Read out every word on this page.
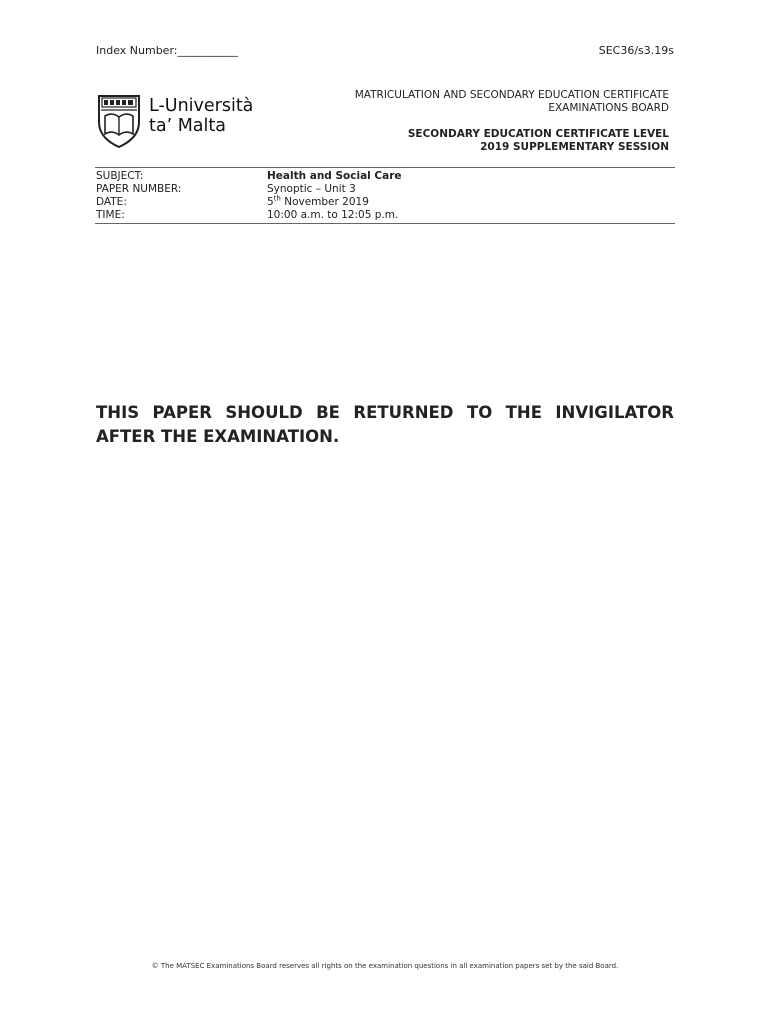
Index Number:___________	SEC36/s3.19s
L-Università
ta’ Malta
MATRICULATION AND SECONDARY EDUCATION CERTIFICATE
EXAMINATIONS BOARD
SECONDARY EDUCATION CERTIFICATE LEVEL
2019 SUPPLEMENTARY SESSION
SUBJECT:	Health and Social Care
PAPER NUMBER:	Synoptic – Unit 3
DATE:	5th November 2019
TIME:	10:00 a.m. to 12:05 p.m.
THIS PAPER SHOULD BE RETURNED TO THE INVIGILATOR
AFTER THE EXAMINATION.
© The MATSEC Examinations Board reserves all rights on the examination questions in all examination papers set by the said Board.
